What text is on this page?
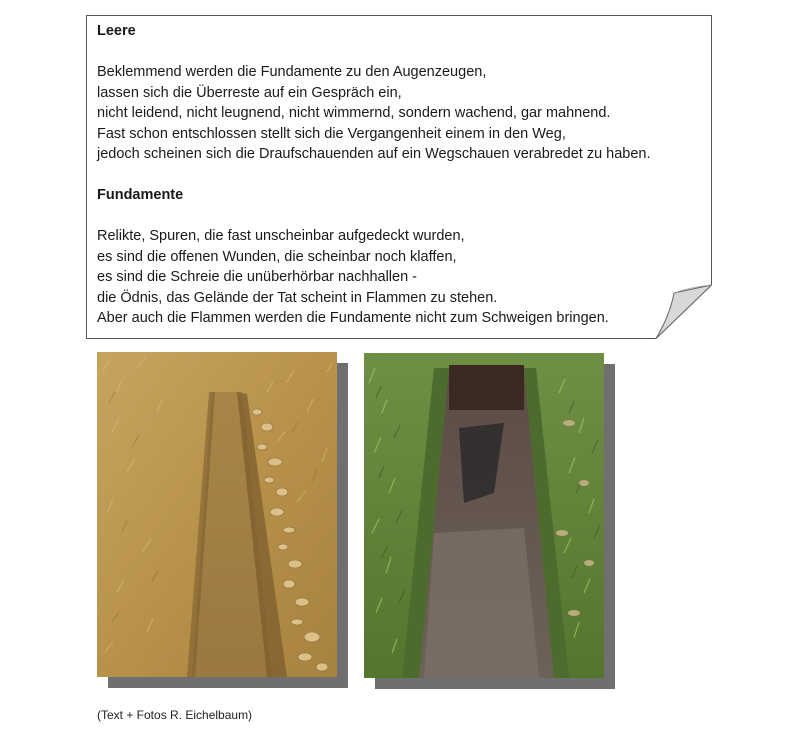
Leere
Beklemmend werden die Fundamente zu den Augenzeugen,
lassen sich die Überreste auf ein Gespräch ein,
nicht leidend, nicht leugnend, nicht wimmernd, sondern wachend, gar mahnend.
Fast schon entschlossen stellt sich die Vergangenheit einem in den Weg,
jedoch scheinen sich die Draufschauenden auf ein Wegschauen verabredet zu haben.
Fundamente
Relikte, Spuren, die fast unscheinbar aufgedeckt wurden,
es sind die offenen Wunden, die scheinbar noch klaffen,
es sind die Schreie die unüberhörbar nachhallen -
die Ödnis, das Gelände der Tat scheint in Flammen zu stehen.
Aber auch die Flammen werden die Fundamente nicht zum Schweigen bringen.
(Text + Fotos R. Eichelbaum)
